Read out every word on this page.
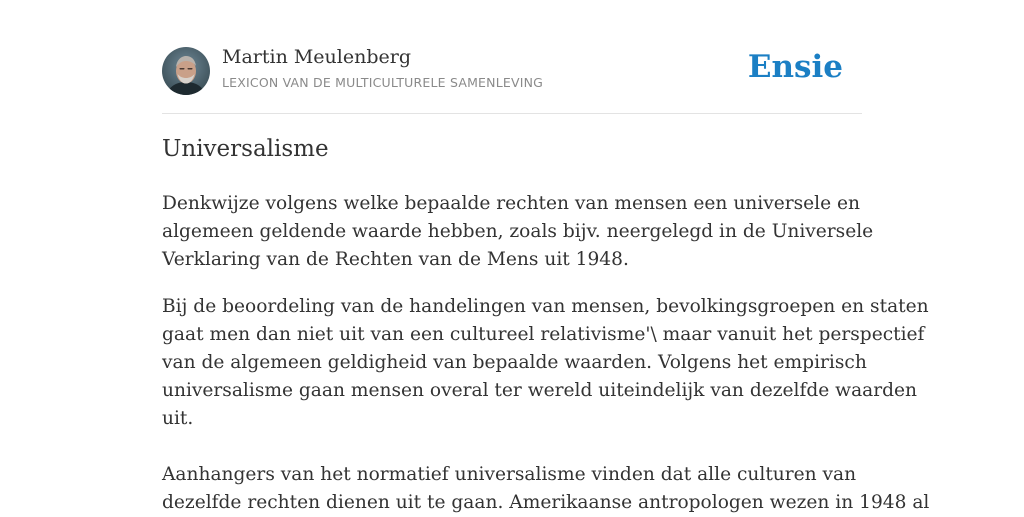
Martin Meulenberg
LEXICON VAN DE MULTICULTURELE SAMENLEVING	Ensie
Universalisme

Denkwijze volgens welke bepaalde rechten van mensen een universele en
algemeen geldende waarde hebben, zoals bijv. neergelegd in de Universele
Verklaring van de Rechten van de Mens uit 1948.

Bij de beoordeling van de handelingen van mensen, bevolkingsgroepen en staten
gaat men dan niet uit van een cultureel relativisme'\ maar vanuit het perspectief
van de algemeen geldigheid van bepaalde waarden. Volgens het empirisch
universalisme gaan mensen overal ter wereld uiteindelijk van dezelfde waarden
uit.

Aanhangers van het normatief universalisme vinden dat alle culturen van
dezelfde rechten dienen uit te gaan. Amerikaanse antropologen wezen in 1948 al
